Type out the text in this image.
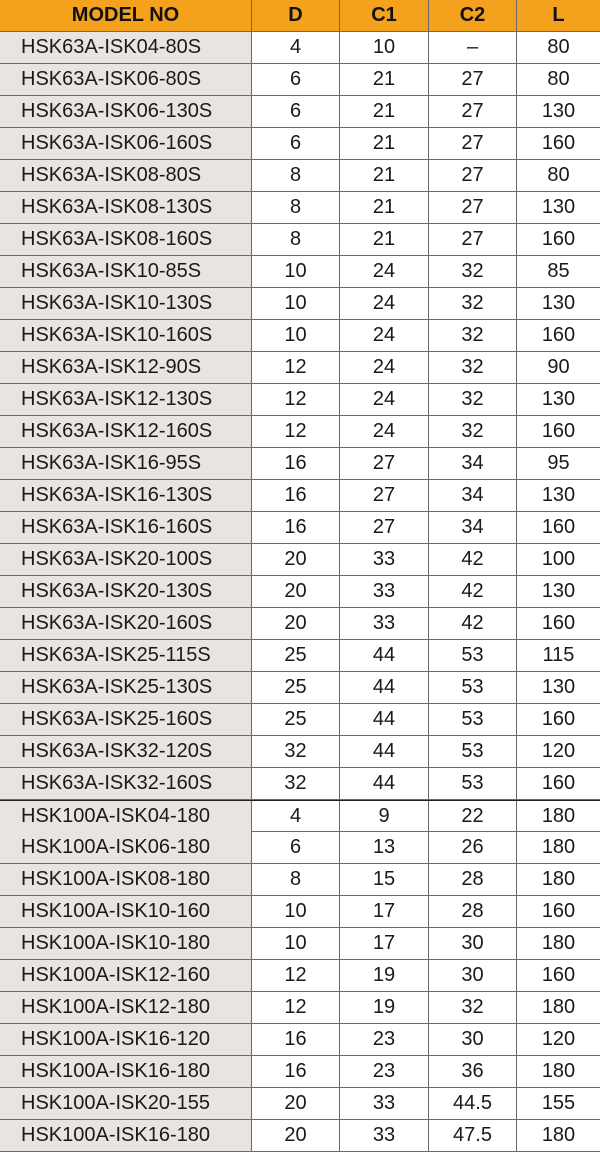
MODEL NO	D	C1	C2	L
HSK63A-ISK04-80S	4	10	–	80
HSK63A-ISK06-80S	6	21	27	80
HSK63A-ISK06-130S	6	21	27	130
HSK63A-ISK06-160S	6	21	27	160
HSK63A-ISK08-80S	8	21	27	80
HSK63A-ISK08-130S	8	21	27	130
HSK63A-ISK08-160S	8	21	27	160
HSK63A-ISK10-85S	10	24	32	85
HSK63A-ISK10-130S	10	24	32	130
HSK63A-ISK10-160S	10	24	32	160
HSK63A-ISK12-90S	12	24	32	90
HSK63A-ISK12-130S	12	24	32	130
HSK63A-ISK12-160S	12	24	32	160
HSK63A-ISK16-95S	16	27	34	95
HSK63A-ISK16-130S	16	27	34	130
HSK63A-ISK16-160S	16	27	34	160
HSK63A-ISK20-100S	20	33	42	100
HSK63A-ISK20-130S	20	33	42	130
HSK63A-ISK20-160S	20	33	42	160
HSK63A-ISK25-115S	25	44	53	115
HSK63A-ISK25-130S	25	44	53	130
HSK63A-ISK25-160S	25	44	53	160
HSK63A-ISK32-120S	32	44	53	120
HSK63A-ISK32-160S	32	44	53	160
HSK100A-ISK04-180	4	9	22	180
HSK100A-ISK06-180	6	13	26	180
HSK100A-ISK08-180	8	15	28	180
HSK100A-ISK10-160	10	17	28	160
HSK100A-ISK10-180	10	17	30	180
HSK100A-ISK12-160	12	19	30	160
HSK100A-ISK12-180	12	19	32	180
HSK100A-ISK16-120	16	23	30	120
HSK100A-ISK16-180	16	23	36	180
HSK100A-ISK20-155	20	33	44.5	155
HSK100A-ISK16-180	20	33	47.5	180
